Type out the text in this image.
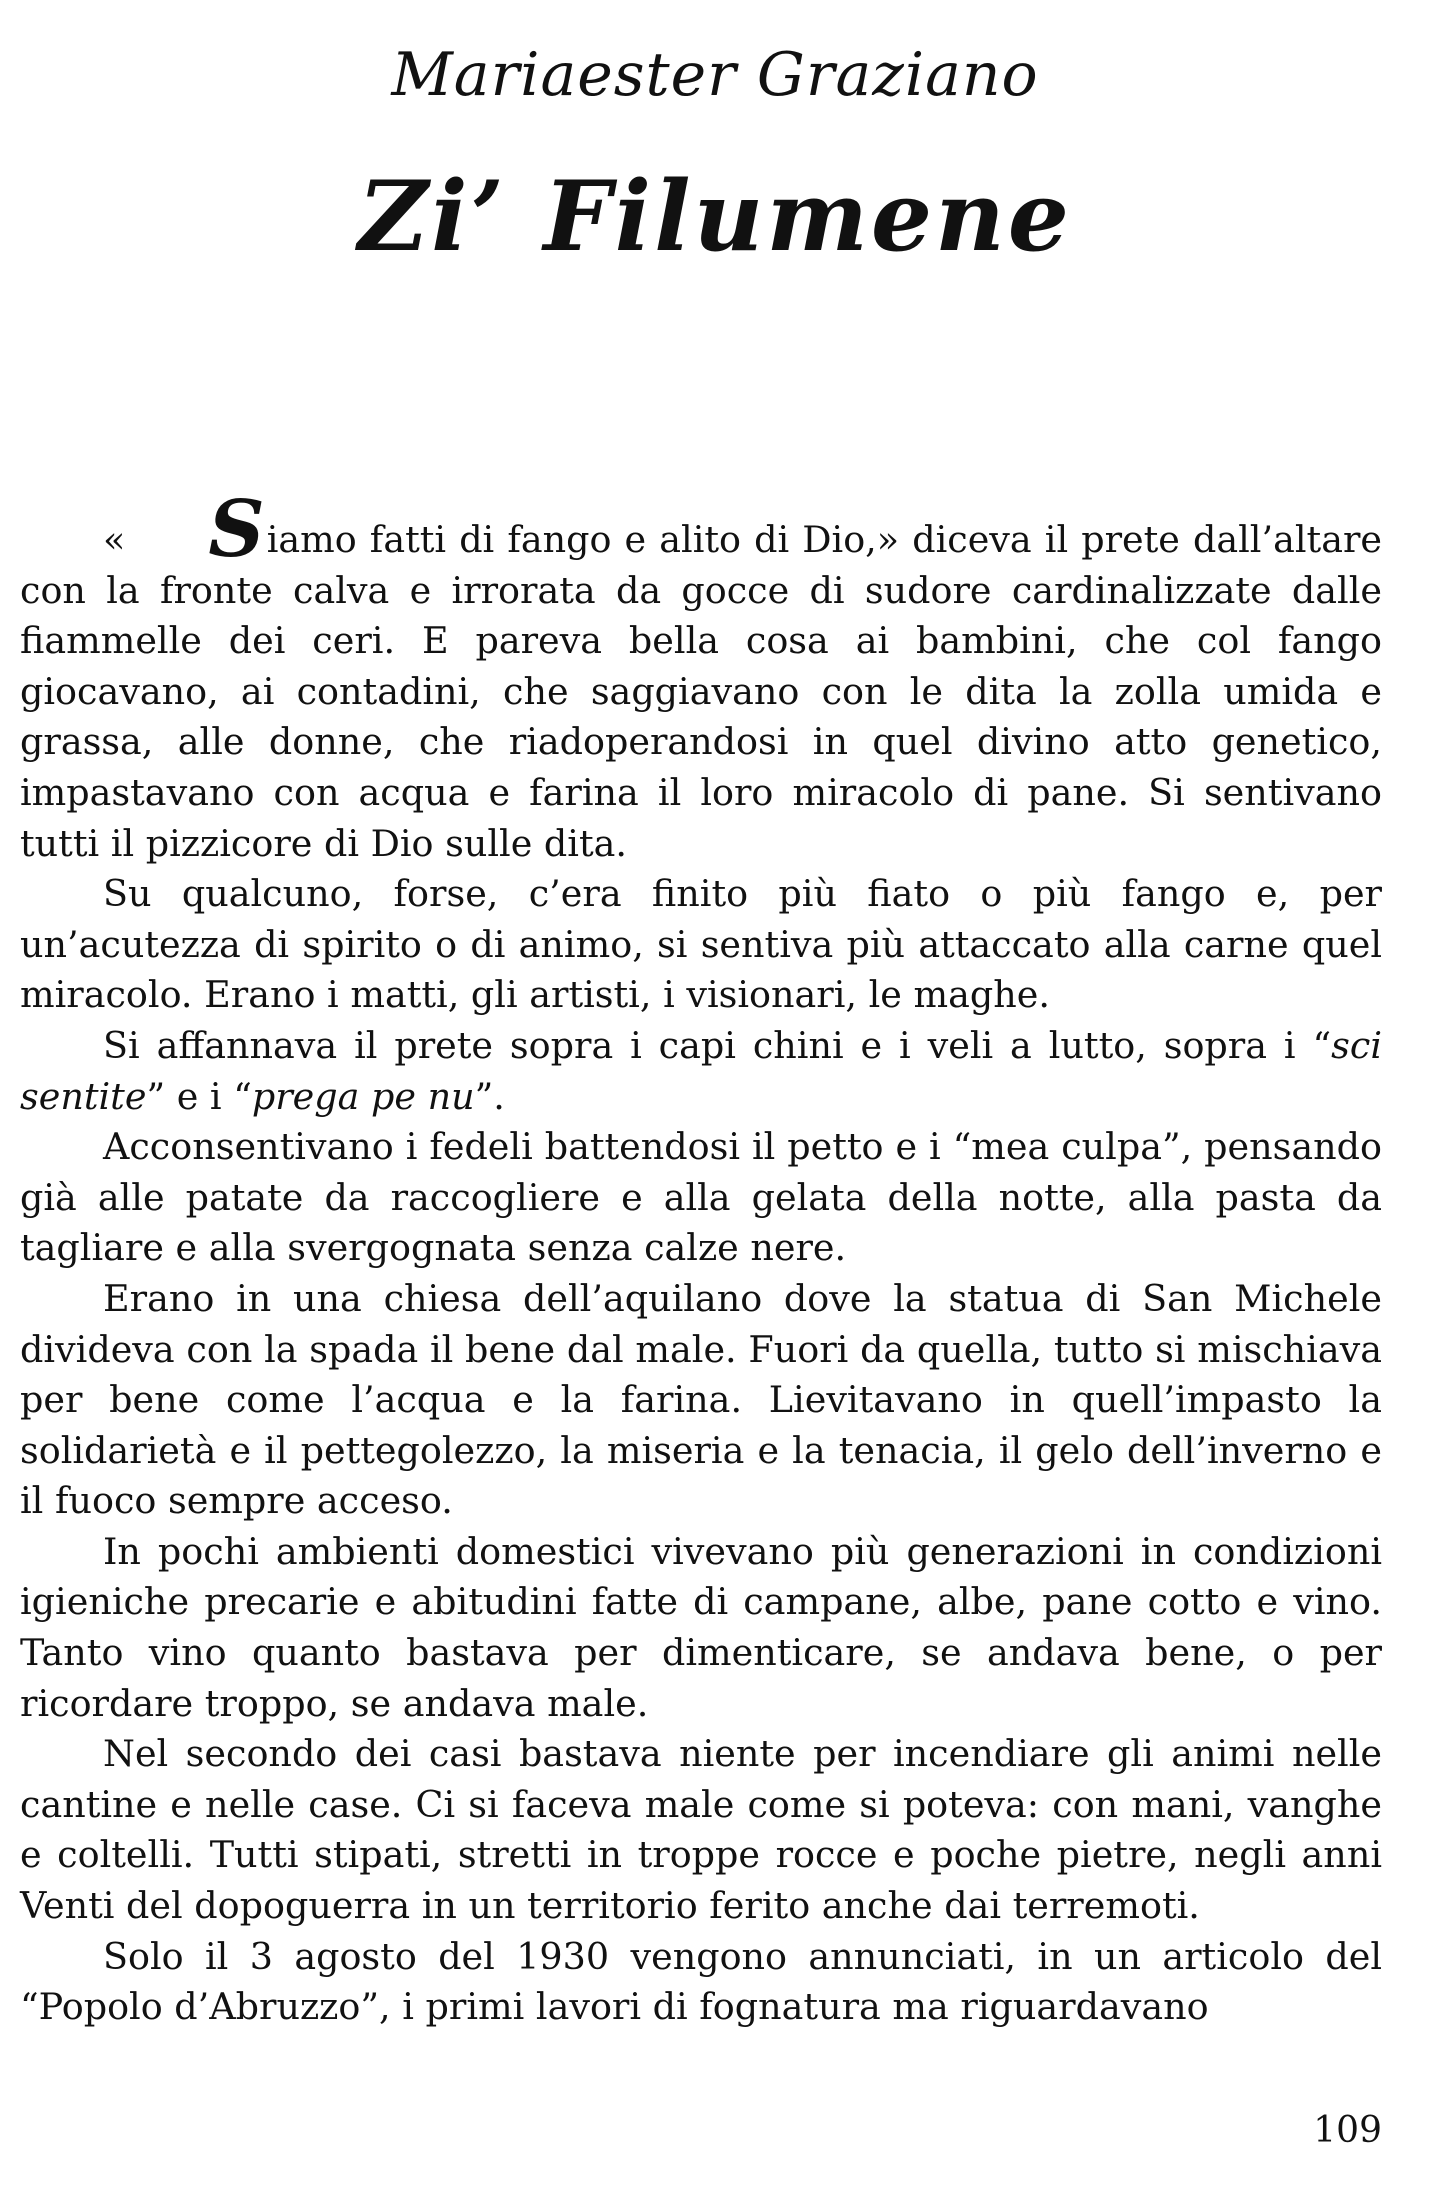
Mariaester Graziano
Zi’ Filumene

« Siamo fatti di fango e alito di Dio,» diceva il prete dall’altare con la fronte calva e irrorata da gocce di sudore cardinalizzate dalle fiammelle dei ceri. E pareva bella cosa ai bambini, che col fango giocavano, ai contadini, che saggiavano con le dita la zolla umida e grassa, alle donne, che riadoperandosi in quel divino atto genetico, impastavano con acqua e farina il loro miracolo di pane. Si sentivano tutti il pizzicore di Dio sulle dita.

Su qualcuno, forse, c’era finito più fiato o più fango e, per un’acutezza di spirito o di animo, si sentiva più attaccato alla carne quel miracolo. Erano i matti, gli artisti, i visionari, le maghe.

Si affannava il prete sopra i capi chini e i veli a lutto, sopra i “sci sentite” e i “prega pe nu”.

Acconsentivano i fedeli battendosi il petto e i “mea culpa”, pensando già alle patate da raccogliere e alla gelata della notte, alla pasta da tagliare e alla svergognata senza calze nere.

Erano in una chiesa dell’aquilano dove la statua di San Michele divideva con la spada il bene dal male. Fuori da quella, tutto si mischiava per bene come l’acqua e la farina. Lievitavano in quell’impasto la solidarietà e il pettegolezzo, la miseria e la tenacia, il gelo dell’inverno e il fuoco sempre acceso.

In pochi ambienti domestici vivevano più generazioni in condizioni igieniche precarie e abitudini fatte di campane, albe, pane cotto e vino. Tanto vino quanto bastava per dimenticare, se andava bene, o per ricordare troppo, se andava male.

Nel secondo dei casi bastava niente per incendiare gli animi nelle cantine e nelle case. Ci si faceva male come si poteva: con mani, vanghe e coltelli. Tutti stipati, stretti in troppe rocce e poche pietre, negli anni Venti del dopoguerra in un territorio ferito anche dai terremoti.

Solo il 3 agosto del 1930 vengono annunciati, in un articolo del “Popolo d’Abruzzo”, i primi lavori di fognatura ma riguardavano

109
